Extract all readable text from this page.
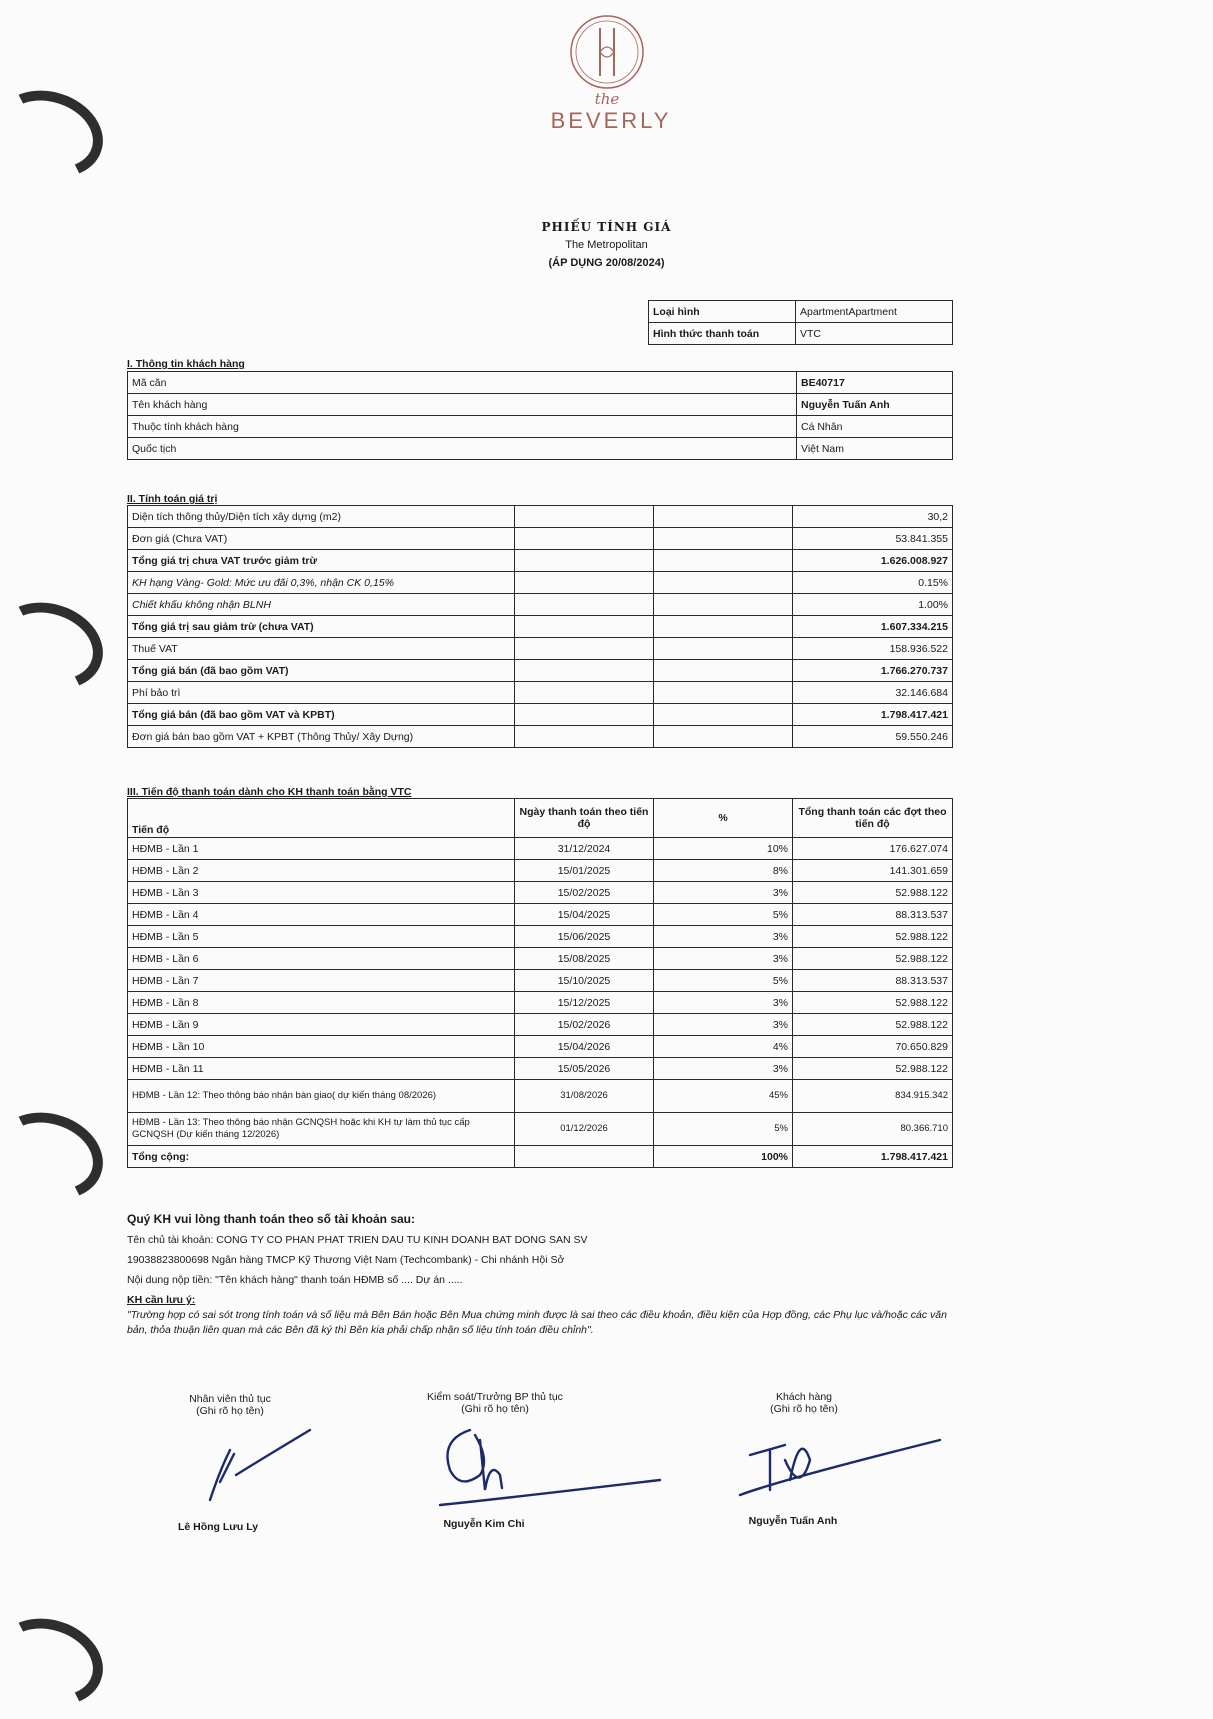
the
BEVERLY
PHIẾU TÍNH GIÁ
The Metropolitan
(ÁP DỤNG 20/08/2024)
Loại hình	ApartmentApartment
Hình thức thanh toán	VTC
I. Thông tin khách hàng
Mã căn	BE40717
Tên khách hàng	Nguyễn Tuấn Anh
Thuộc tính khách hàng	Cá Nhân
Quốc tịch	Việt Nam
II. Tính toán giá trị
Diện tích thông thủy/Diện tích xây dựng (m2)			30,2
Đơn giá (Chưa VAT)			53.841.355
Tổng giá trị chưa VAT trước giảm trừ			1.626.008.927
KH hạng Vàng- Gold: Mức ưu đãi 0,3%, nhận CK 0,15%			0.15%
Chiết khấu không nhận BLNH			1.00%
Tổng giá trị sau giảm trừ (chưa VAT)			1.607.334.215
Thuế VAT			158.936.522
Tổng giá bán (đã bao gồm VAT)			1.766.270.737
Phí bảo trì			32.146.684
Tổng giá bán (đã bao gồm VAT và KPBT)			1.798.417.421
Đơn giá bán bao gồm VAT + KPBT (Thông Thủy/ Xây Dựng)			59.550.246
III. Tiến độ thanh toán dành cho KH thanh toán bằng VTC
Tiến độ	Ngày thanh toán theo tiến độ	%	Tổng thanh toán các đợt theo tiến độ
HĐMB - Lần 1	31/12/2024	10%	176.627.074
HĐMB - Lần 2	15/01/2025	8%	141.301.659
HĐMB - Lần 3	15/02/2025	3%	52.988.122
HĐMB - Lần 4	15/04/2025	5%	88.313.537
HĐMB - Lần 5	15/06/2025	3%	52.988.122
HĐMB - Lần 6	15/08/2025	3%	52.988.122
HĐMB - Lần 7	15/10/2025	5%	88.313.537
HĐMB - Lần 8	15/12/2025	3%	52.988.122
HĐMB - Lần 9	15/02/2026	3%	52.988.122
HĐMB - Lần 10	15/04/2026	4%	70.650.829
HĐMB - Lần 11	15/05/2026	3%	52.988.122
HĐMB - Lần 12: Theo thông báo nhận bàn giao( dự kiến tháng 08/2026)	31/08/2026	45%	834.915.342
HĐMB - Lần 13: Theo thông báo nhận GCNQSH hoặc khi KH tự làm thủ tục cấp GCNQSH (Dự kiến tháng 12/2026)	01/12/2026	5%	80.366.710
Tổng cộng:		100%	1.798.417.421
Quý KH vui lòng thanh toán theo số tài khoản sau:
Tên chủ tài khoản: CONG TY CO PHAN PHAT TRIEN DAU TU KINH DOANH BAT DONG SAN SV
19038823800698 Ngân hàng TMCP Kỹ Thương Việt Nam (Techcombank) - Chi nhánh Hội Sở
Nội dung nộp tiền: "Tên khách hàng" thanh toán HĐMB số .... Dự án .....
KH cần lưu ý:
"Trường hợp có sai sót trong tính toán và số liệu mà Bên Bán hoặc Bên Mua chứng minh được là sai theo các điều khoản, điều kiện của Hợp đồng, các Phụ lục và/hoặc các văn bản, thỏa thuận liên quan mà các Bên đã ký thì Bên kia phải chấp nhận số liệu tính toán điều chỉnh".
Nhân viên thủ tục
(Ghi rõ họ tên)
Kiểm soát/Trưởng BP thủ tục
(Ghi rõ họ tên)
Khách hàng
(Ghi rõ họ tên)
Lê Hồng Lưu Ly	Nguyễn Kim Chi	Nguyễn Tuấn Anh
